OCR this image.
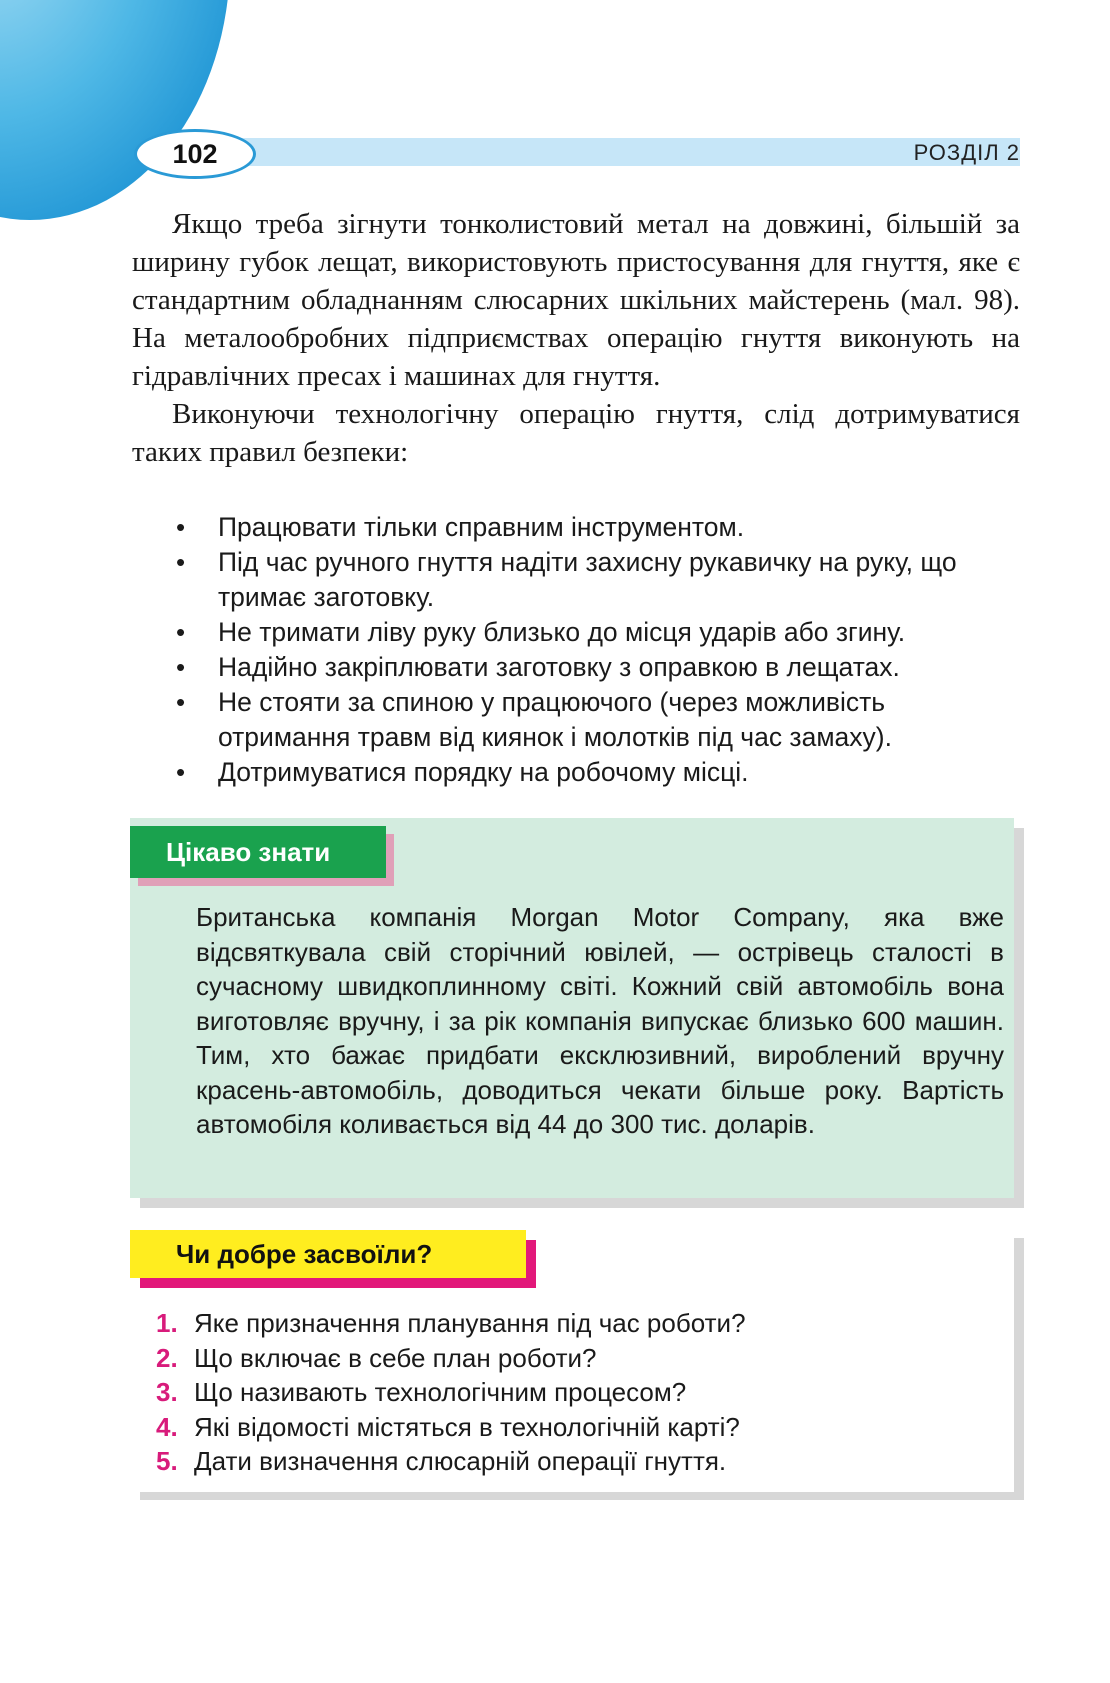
102	РОЗДІЛ 2

Якщо треба зігнути тонколистовий метал на довжині, більшій за ширину губок лещат, використовують пристосування для гнуття, яке є стандартним обладнанням слюсарних шкільних майстерень (мал. 98). На металообробних підприємствах операцію гнуття виконують на гідравлічних пресах і машинах для гнуття.

Виконуючи технологічну операцію гнуття, слід дотримуватися таких правил безпеки:

• Працювати тільки справним інструментом.
• Під час ручного гнуття надіти захисну рукавичку на руку, що тримає заготовку.
• Не тримати ліву руку близько до місця ударів або згину.
• Надійно закріплювати заготовку з оправкою в лещатах.
• Не стояти за спиною у працюючого (через можливість отримання травм від киянок і молотків під час замаху).
• Дотримуватися порядку на робочому місці.
Цікаво знати

Британська компанія Morgan Motor Company, яка вже відсвяткувала свій сторічний ювілей, — острівець сталості в сучасному швидкоплинному світі. Кожний свій автомобіль вона виготовляє вручну, і за рік компанія випускає близько 600 машин. Тим, хто бажає придбати ексклюзивний, вироблений вручну красень-автомобіль, доводиться чекати більше року. Вартість автомобіля коливається від 44 до 300 тис. доларів.

Чи добре засвоїли?
1. Яке призначення планування під час роботи?
2. Що включає в себе план роботи?
3. Що називають технологічним процесом?
4. Які відомості містяться в технологічній карті?
5. Дати визначення слюсарній операції гнуття.
